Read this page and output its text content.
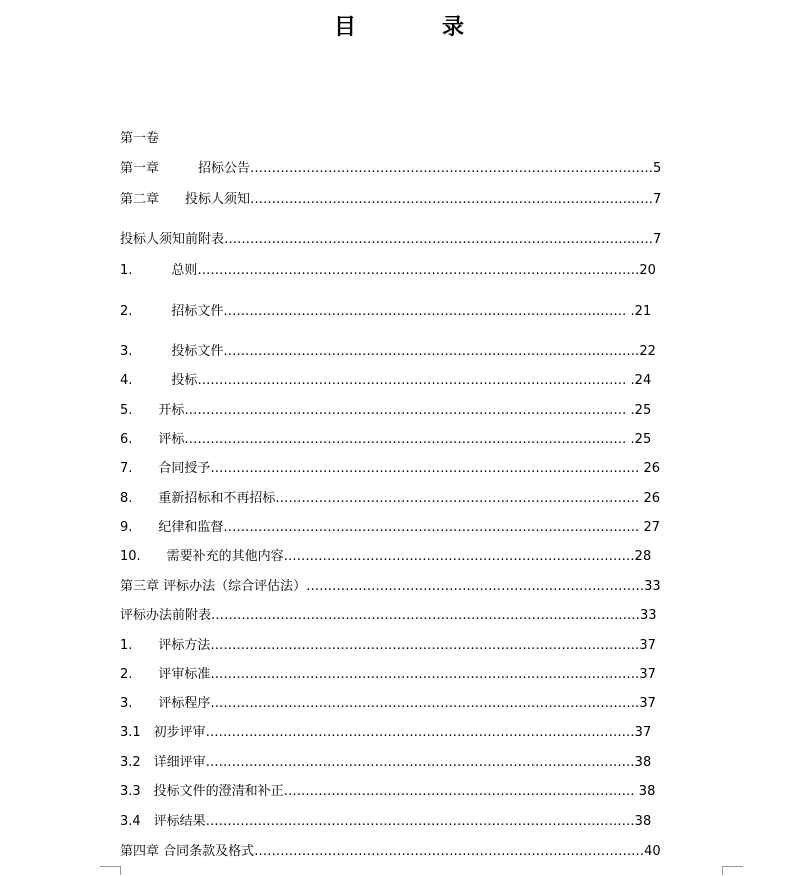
目　录
第一卷
第一章　　　招标公告…………………………………………………………………………………5
第二章　　投标人须知…………………………………………………………………………………7
投标人须知前附表………………………………………………………………………………………7
1.　　　总则…………………………………………………………………………………………20
2.　　　招标文件………………………………………………………………………………… .21
3.　　　投标文件……………………………………………………………………………………22
4.　　　投标……………………………………………………………………………………… .24
5.　　开标………………………………………………………………………………………… .25
6.　　评标………………………………………………………………………………………… .25
7.　　合同授予……………………………………………………………………………………… 26
8.　　重新招标和不再招标………………………………………………………………………… 26
9.　　纪律和监督…………………………………………………………………………………… 27
10.　　需要补充的其他内容………………………………………………………………………28
第三章 评标办法（综合评估法）……………………………………………………………………33
评标办法前附表………………………………………………………………………………………33
1.　　评标方法………………………………………………………………………………………37
2.　　评审标准………………………………………………………………………………………37
3.　　评标程序………………………………………………………………………………………37
3.1　初步评审………………………………………………………………………………………37
3.2　详细评审………………………………………………………………………………………38
3.3　投标文件的澄清和补正……………………………………………………………………… 38
3.4　评标结果………………………………………………………………………………………38
第四章 合同条款及格式………………………………………………………………………………40
